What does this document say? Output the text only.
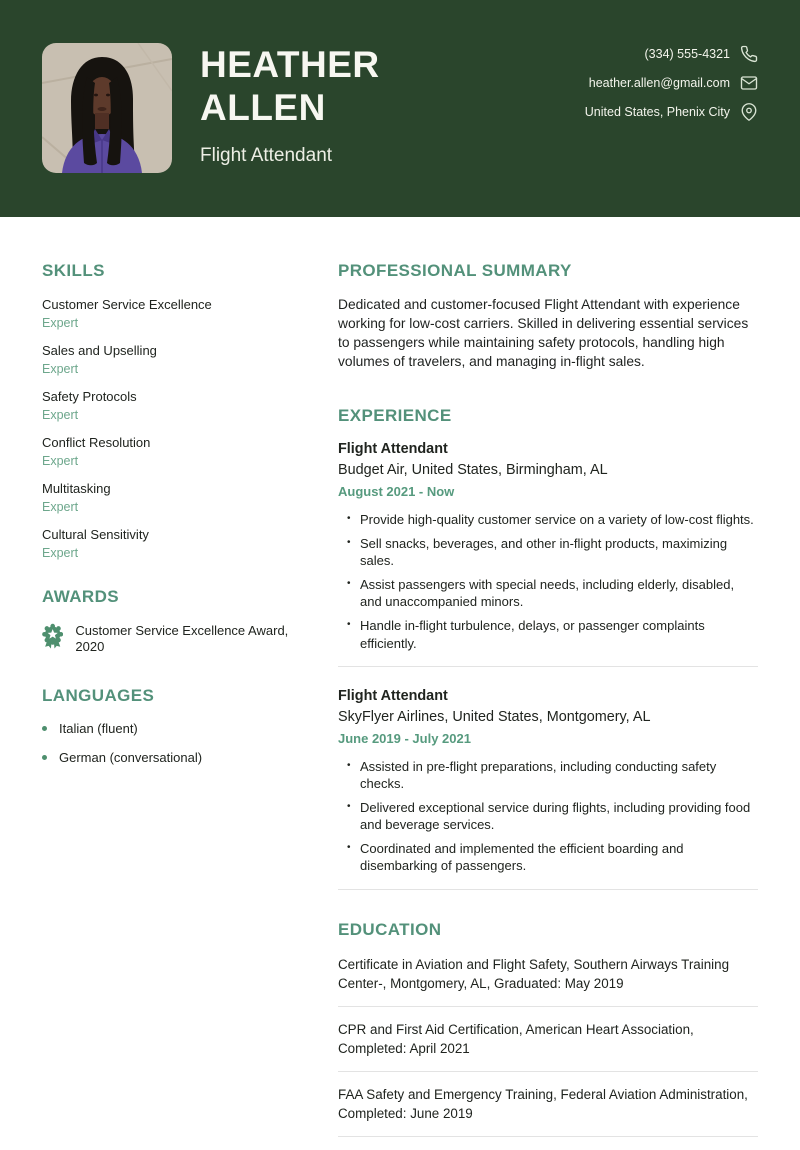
HEATHER
ALLEN
Flight Attendant
(334) 555-4321
heather.allen@gmail.com
United States, Phenix City
SKILLS
Customer Service Excellence
Expert
Sales and Upselling
Expert
Safety Protocols
Expert
Conflict Resolution
Expert
Multitasking
Expert
Cultural Sensitivity
Expert
AWARDS
Customer Service Excellence Award, 2020
LANGUAGES
Italian (fluent)
German (conversational)
PROFESSIONAL SUMMARY
Dedicated and customer-focused Flight Attendant with experience working for low-cost carriers. Skilled in delivering essential services to passengers while maintaining safety protocols, handling high volumes of travelers, and managing in-flight sales.
EXPERIENCE
Flight Attendant
Budget Air, United States, Birmingham, AL
August 2021 - Now
• Provide high-quality customer service on a variety of low-cost flights.
• Sell snacks, beverages, and other in-flight products, maximizing sales.
• Assist passengers with special needs, including elderly, disabled, and unaccompanied minors.
• Handle in-flight turbulence, delays, or passenger complaints efficiently.
Flight Attendant
SkyFlyer Airlines, United States, Montgomery, AL
June 2019 - July 2021
• Assisted in pre-flight preparations, including conducting safety checks.
• Delivered exceptional service during flights, including providing food and beverage services.
• Coordinated and implemented the efficient boarding and disembarking of passengers.
EDUCATION
Certificate in Aviation and Flight Safety, Southern Airways Training Center-, Montgomery, AL, Graduated: May 2019
CPR and First Aid Certification, American Heart Association, Completed: April 2021
FAA Safety and Emergency Training, Federal Aviation Administration, Completed: June 2019
